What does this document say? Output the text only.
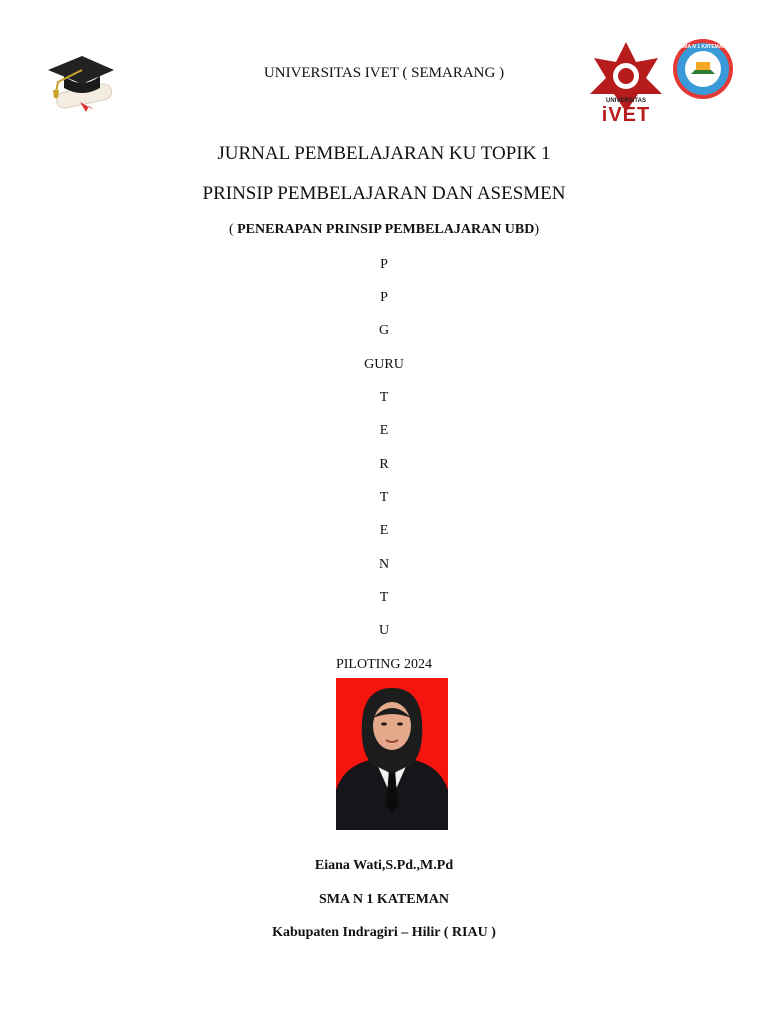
UNIVERSITAS IVET ( SEMARANG )
UNIVERSITAS
iVET
SMA N 1 KATEMAN
JURNAL PEMBELAJARAN KU TOPIK 1
PRINSIP PEMBELAJARAN DAN ASESMEN
( PENERAPAN PRINSIP PEMBELAJARAN UBD)
P
P
G
GURU
T
E
R
T
E
N
T
U
PILOTING 2024
Eiana Wati,S.Pd.,M.Pd
SMA N 1 KATEMAN
Kabupaten Indragiri – Hilir ( RIAU )
